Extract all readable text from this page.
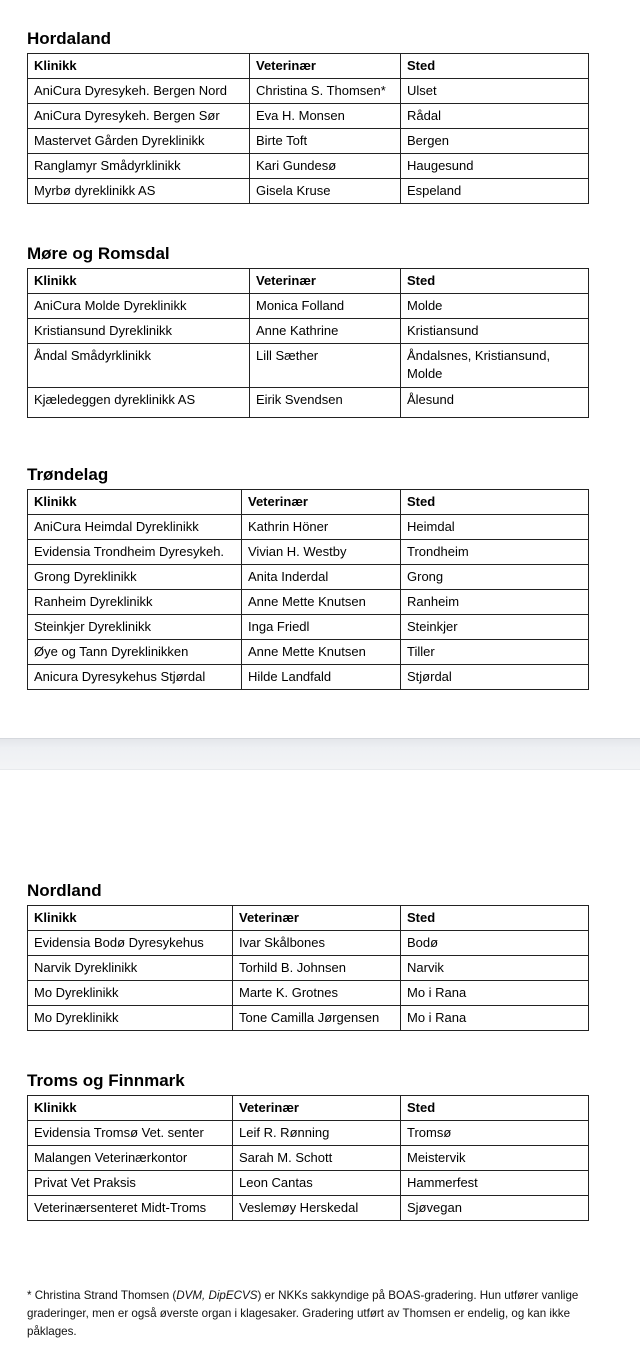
Hordaland
Klinikk	Veterinær	Sted
AniCura Dyresykeh. Bergen Nord	Christina S. Thomsen*	Ulset
AniCura Dyresykeh. Bergen Sør	Eva H. Monsen	Rådal
Mastervet Gården Dyreklinikk	Birte Toft	Bergen
Ranglamyr Smådyrklinikk	Kari Gundesø	Haugesund
Myrbø dyreklinikk AS	Gisela Kruse	Espeland
Møre og Romsdal
Klinikk	Veterinær	Sted
AniCura Molde Dyreklinikk	Monica Folland	Molde
Kristiansund Dyreklinikk	Anne Kathrine	Kristiansund
Åndal Smådyrklinikk	Lill Sæther	Åndalsnes, Kristiansund, Molde
Kjæledeggen dyreklinikk AS	Eirik Svendsen	Ålesund
Trøndelag
Klinikk	Veterinær	Sted
AniCura Heimdal Dyreklinikk	Kathrin Höner	Heimdal
Evidensia Trondheim Dyresykeh.	Vivian H. Westby	Trondheim
Grong Dyreklinikk	Anita Inderdal	Grong
Ranheim Dyreklinikk	Anne Mette Knutsen	Ranheim
Steinkjer Dyreklinikk	Inga Friedl	Steinkjer
Øye og Tann Dyreklinikken	Anne Mette Knutsen	Tiller
Anicura Dyresykehus Stjørdal	Hilde Landfald	Stjørdal
Nordland
Klinikk	Veterinær	Sted
Evidensia Bodø Dyresykehus	Ivar Skålbones	Bodø
Narvik Dyreklinikk	Torhild B. Johnsen	Narvik
Mo Dyreklinikk	Marte K. Grotnes	Mo i Rana
Mo Dyreklinikk	Tone Camilla Jørgensen	Mo i Rana
Troms og Finnmark
Klinikk	Veterinær	Sted
Evidensia Tromsø Vet. senter	Leif R. Rønning	Tromsø
Malangen Veterinærkontor	Sarah M. Schott	Meistervik
Privat Vet Praksis	Leon Cantas	Hammerfest
Veterinærsenteret Midt-Troms	Veslemøy Herskedal	Sjøvegan

* Christina Strand Thomsen (DVM, DipECVS) er NKKs sakkyndige på BOAS-gradering. Hun utfører vanlige graderinger, men er også øverste organ i klagesaker. Gradering utført av Thomsen er endelig, og kan ikke påklages.
